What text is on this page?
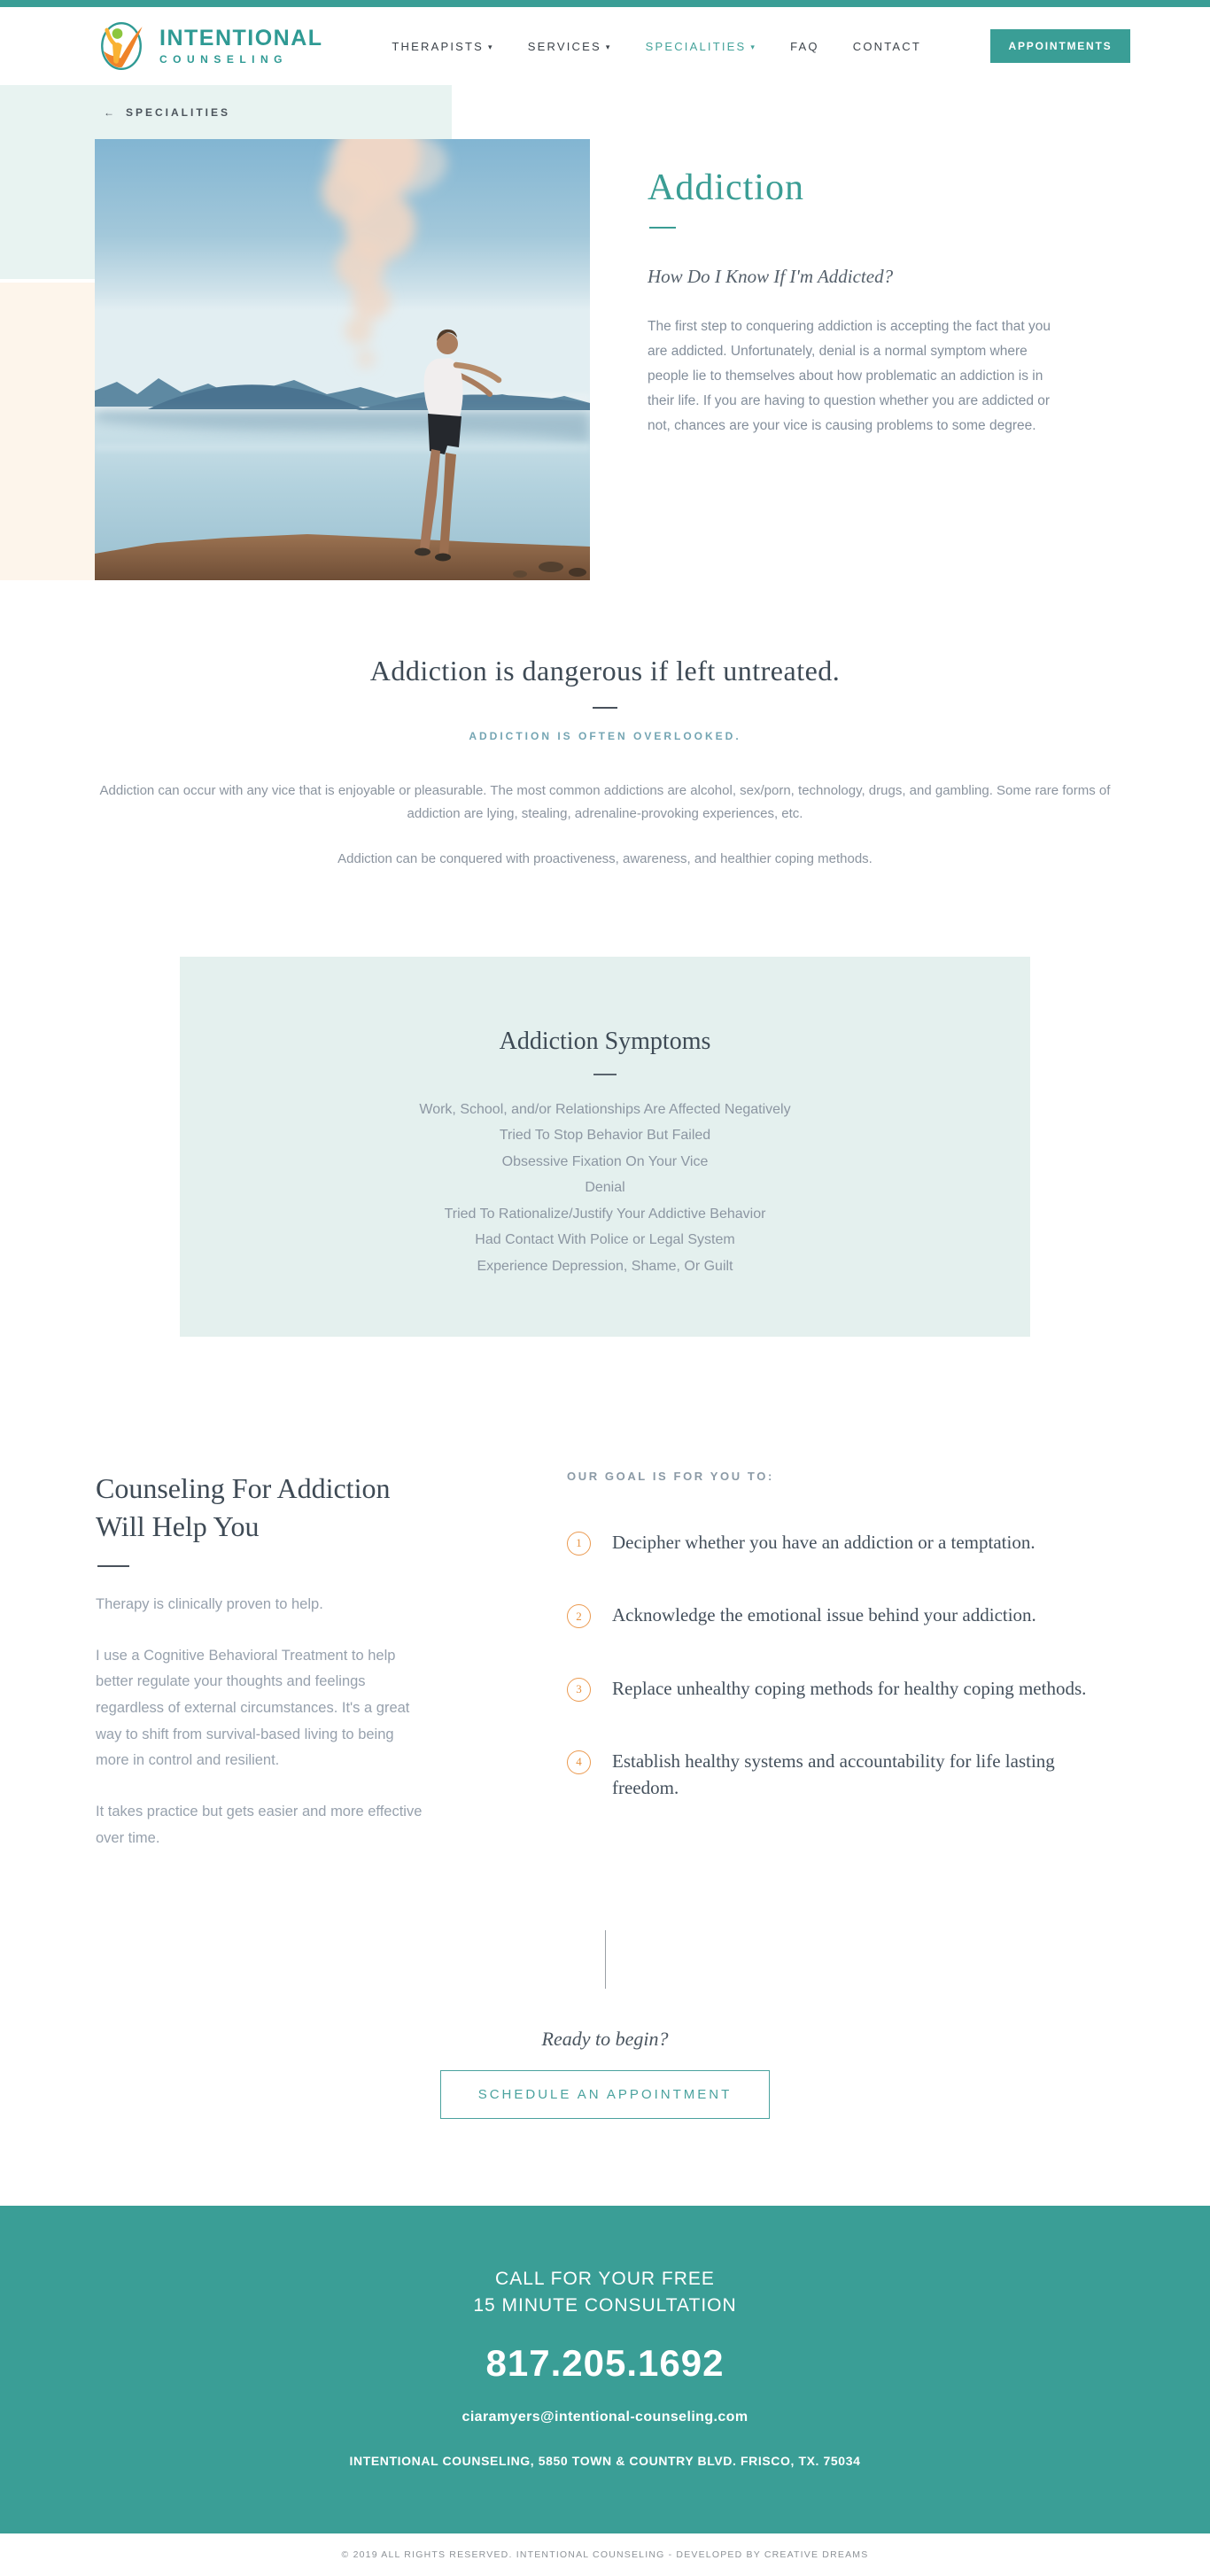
INTENTIONAL
COUNSELING
THERAPISTS ▾	SERVICES ▾	SPECIALITIES ▾	FAQ	CONTACT	APPOINTMENTS
← SPECIALITIES
Addiction
How Do I Know If I'm Addicted?

The first step to conquering addiction is accepting the fact that you are addicted. Unfortunately, denial is a normal symptom where people lie to themselves about how problematic an addiction is in their life. If you are having to question whether you are addicted or not, chances are your vice is causing problems to some degree.

Addiction is dangerous if left untreated.
ADDICTION IS OFTEN OVERLOOKED.

Addiction can occur with any vice that is enjoyable or pleasurable. The most common addictions are alcohol, sex/porn, technology, drugs, and gambling. Some rare forms of addiction are lying, stealing, adrenaline-provoking experiences, etc.

Addiction can be conquered with proactiveness, awareness, and healthier coping methods.

Addiction Symptoms
Work, School, and/or Relationships Are Affected Negatively
Tried To Stop Behavior But Failed
Obsessive Fixation On Your Vice
Denial
Tried To Rationalize/Justify Your Addictive Behavior
Had Contact With Police or Legal System
Experience Depression, Shame, Or Guilt
Counseling For Addiction Will Help You

Therapy is clinically proven to help.

I use a Cognitive Behavioral Treatment to help better regulate your thoughts and feelings regardless of external circumstances. It's a great way to shift from survival-based living to being more in control and resilient.

It takes practice but gets easier and more effective over time.

OUR GOAL IS FOR YOU TO:
1	Decipher whether you have an addiction or a temptation.
2	Acknowledge the emotional issue behind your addiction.
3	Replace unhealthy coping methods for healthy coping methods.
4	Establish healthy systems and accountability for life lasting freedom.
Ready to begin?
SCHEDULE AN APPOINTMENT
CALL FOR YOUR FREE
15 MINUTE CONSULTATION
817.205.1692
ciaramyers@intentional-counseling.com
INTENTIONAL COUNSELING, 5850 TOWN & COUNTRY BLVD. FRISCO, TX. 75034
© 2019 ALL RIGHTS RESERVED. INTENTIONAL COUNSELING - DEVELOPED BY CREATIVE DREAMS
